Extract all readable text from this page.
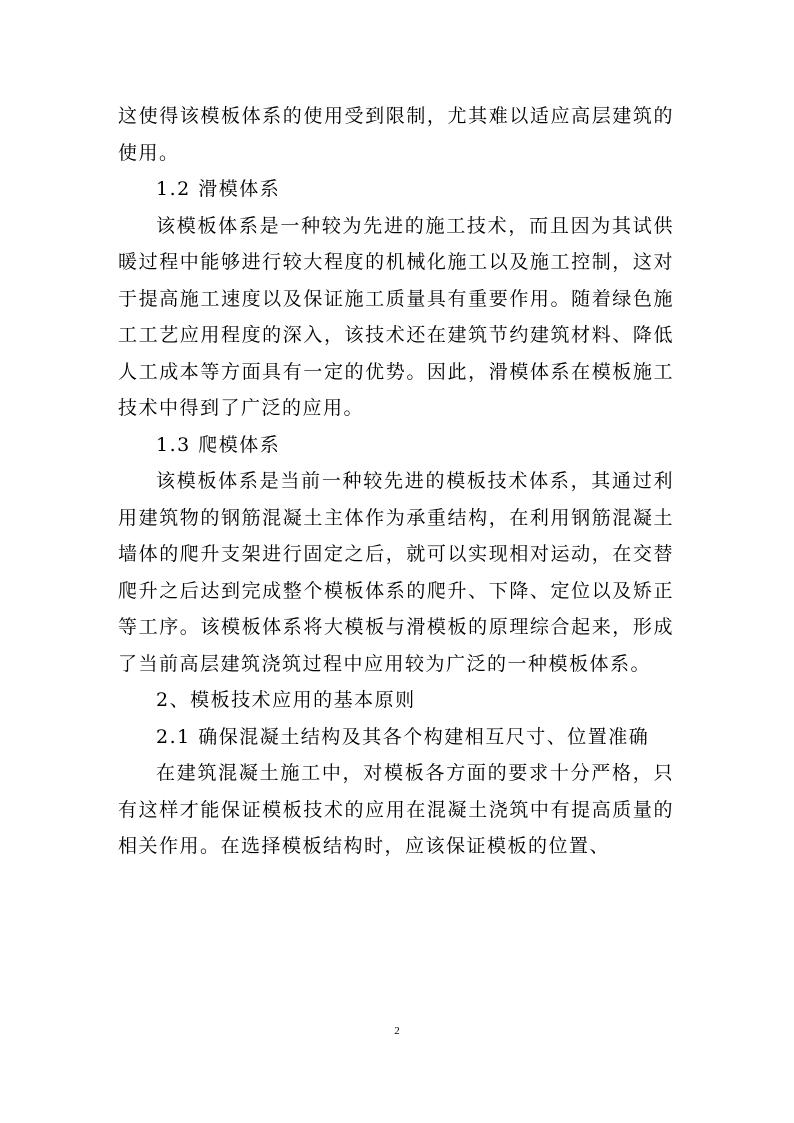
这使得该模板体系的使用受到限制，尤其难以适应高层建筑的使用。

1.2 滑模体系

该模板体系是一种较为先进的施工技术，而且因为其试供暖过程中能够进行较大程度的机械化施工以及施工控制，这对于提高施工速度以及保证施工质量具有重要作用。随着绿色施工工艺应用程度的深入，该技术还在建筑节约建筑材料、降低人工成本等方面具有一定的优势。因此，滑模体系在模板施工技术中得到了广泛的应用。

1.3 爬模体系

该模板体系是当前一种较先进的模板技术体系，其通过利用建筑物的钢筋混凝土主体作为承重结构，在利用钢筋混凝土墙体的爬升支架进行固定之后，就可以实现相对运动，在交替爬升之后达到完成整个模板体系的爬升、下降、定位以及矫正等工序。该模板体系将大模板与滑模板的原理综合起来，形成了当前高层建筑浇筑过程中应用较为广泛的一种模板体系。

2、模板技术应用的基本原则

2.1 确保混凝土结构及其各个构建相互尺寸、位置准确

在建筑混凝土施工中，对模板各方面的要求十分严格，只有这样才能保证模板技术的应用在混凝土浇筑中有提高质量的相关作用。在选择模板结构时，应该保证模板的位置、

2
